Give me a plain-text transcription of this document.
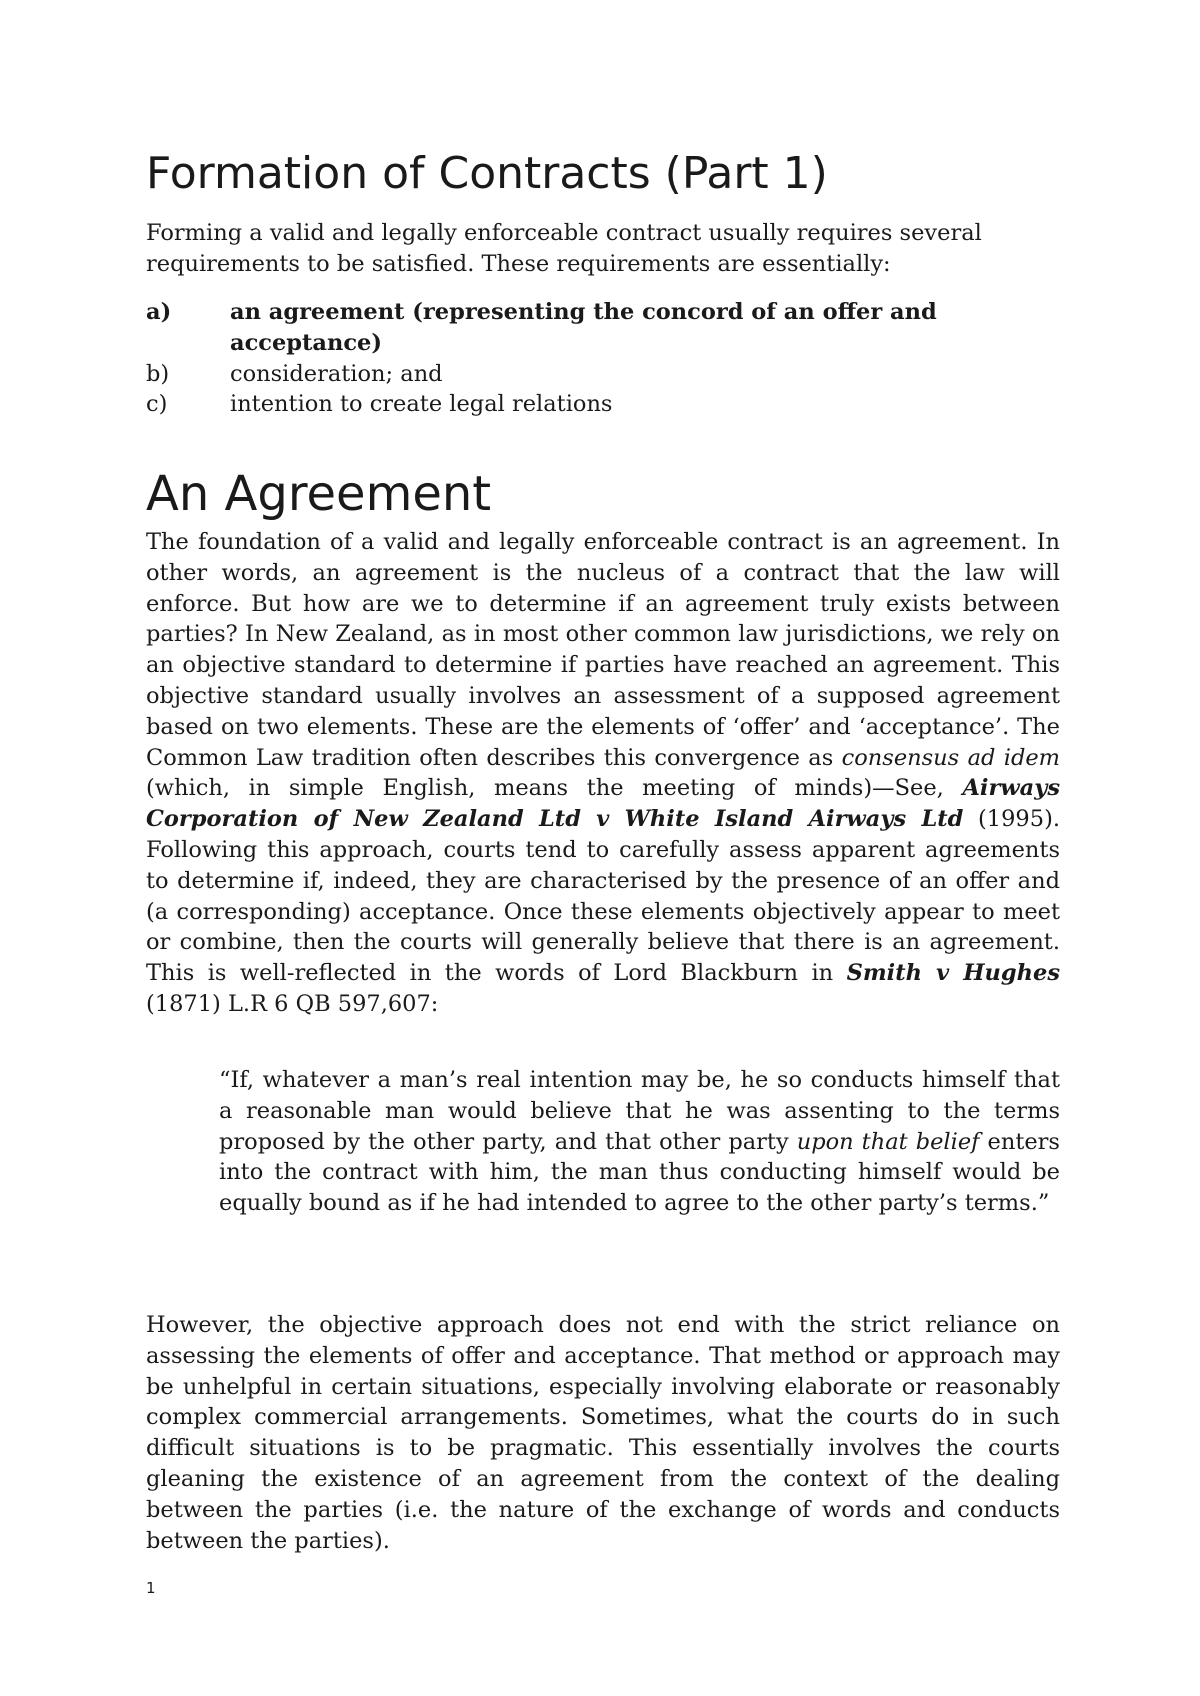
Formation of Contracts (Part 1)

Forming a valid and legally enforceable contract usually requires several requirements to be satisfied. These requirements are essentially:

a)	an agreement (representing the concord of an offer and acceptance)
b)	consideration; and
c)	intention to create legal relations
An Agreement

The foundation of a valid and legally enforceable contract is an agreement. In other words, an agreement is the nucleus of a contract that the law will enforce. But how are we to determine if an agreement truly exists between parties? In New Zealand, as in most other common law jurisdictions, we rely on an objective standard to determine if parties have reached an agreement. This objective standard usually involves an assessment of a supposed agreement based on two elements. These are the elements of ‘offer’ and ‘acceptance’. The Common Law tradition often describes this convergence as consensus ad idem (which, in simple English, means the meeting of minds)—See, Airways Corporation of New Zealand Ltd v White Island Airways Ltd (1995). Following this approach, courts tend to carefully assess apparent agreements to determine if, indeed, they are characterised by the presence of an offer and (a corresponding) acceptance. Once these elements objectively appear to meet or combine, then the courts will generally believe that there is an agreement. This is well-reflected in the words of Lord Blackburn in Smith v Hughes (1871) L.R 6 QB 597,607:

“If, whatever a man’s real intention may be, he so conducts himself that a reasonable man would believe that he was assenting to the terms proposed by the other party, and that other party upon that belief enters into the contract with him, the man thus conducting himself would be equally bound as if he had intended to agree to the other party’s terms.”

However, the objective approach does not end with the strict reliance on assessing the elements of offer and acceptance. That method or approach may be unhelpful in certain situations, especially involving elaborate or reasonably complex commercial arrangements. Sometimes, what the courts do in such difficult situations is to be pragmatic. This essentially involves the courts gleaning the existence of an agreement from the context of the dealing between the parties (i.e. the nature of the exchange of words and conducts between the parties).

1
